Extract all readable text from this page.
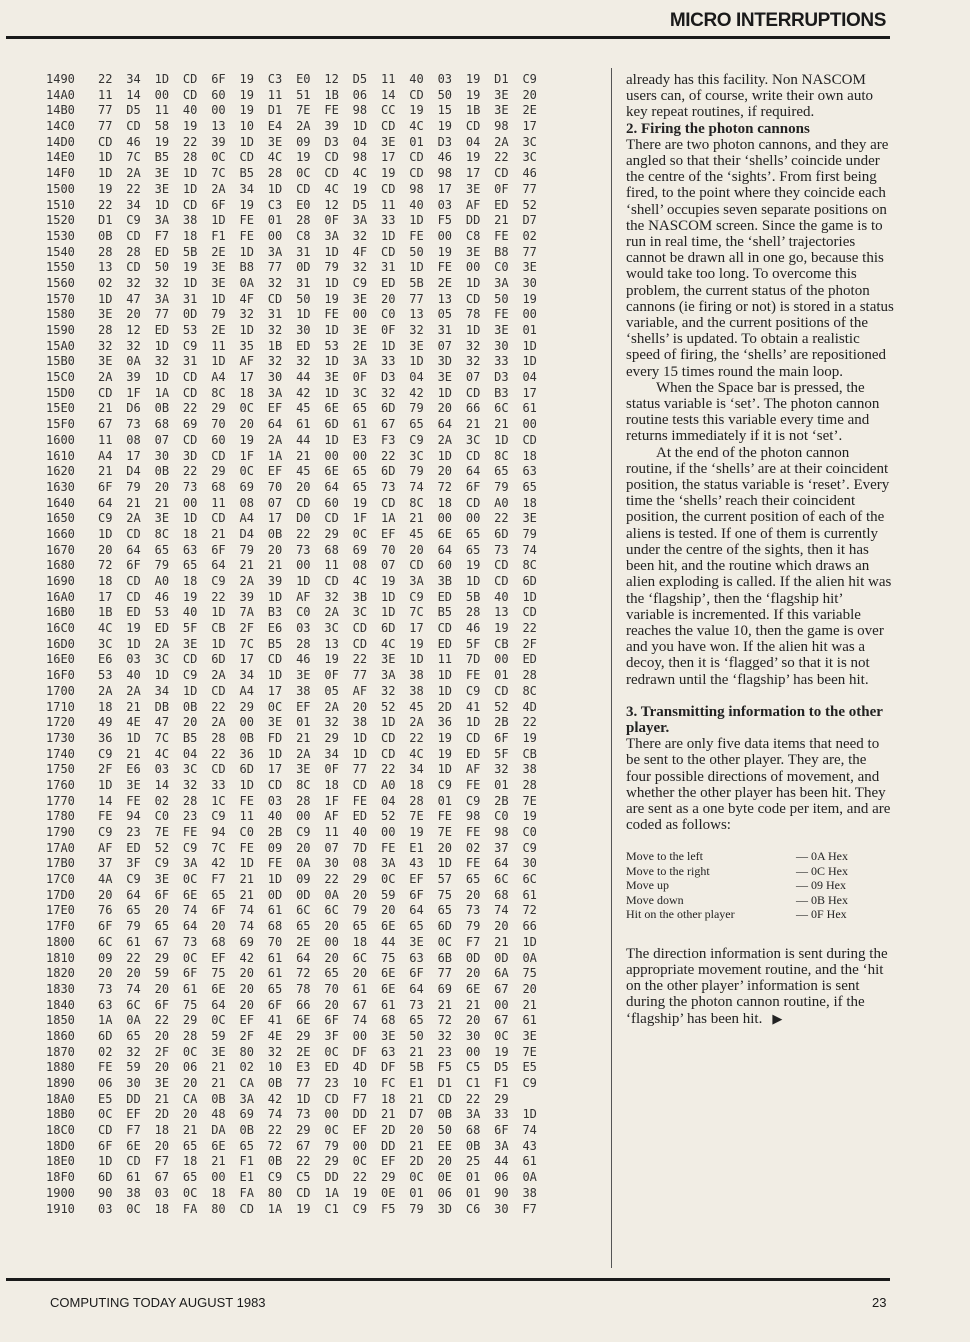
MICRO INTERRUPTIONS
1490	22	34	1D	CD	6F	19	C3	E0	12	D5	11	40	03	19	D1	C9
14A0	11	14	00	CD	60	19	11	51	1B	06	14	CD	50	19	3E	20
14B0	77	D5	11	40	00	19	D1	7E	FE	98	CC	19	15	1B	3E	2E
14C0	77	CD	58	19	13	10	E4	2A	39	1D	CD	4C	19	CD	98	17
14D0	CD	46	19	22	39	1D	3E	09	D3	04	3E	01	D3	04	2A	3C
14E0	1D	7C	B5	28	0C	CD	4C	19	CD	98	17	CD	46	19	22	3C
14F0	1D	2A	3E	1D	7C	B5	28	0C	CD	4C	19	CD	98	17	CD	46
1500	19	22	3E	1D	2A	34	1D	CD	4C	19	CD	98	17	3E	0F	77
1510	22	34	1D	CD	6F	19	C3	E0	12	D5	11	40	03	AF	ED	52
1520	D1	C9	3A	38	1D	FE	01	28	0F	3A	33	1D	F5	DD	21	D7
1530	0B	CD	F7	18	F1	FE	00	C8	3A	32	1D	FE	00	C8	FE	02
1540	28	28	ED	5B	2E	1D	3A	31	1D	4F	CD	50	19	3E	B8	77
1550	13	CD	50	19	3E	B8	77	0D	79	32	31	1D	FE	00	C0	3E
1560	02	32	32	1D	3E	0A	32	31	1D	C9	ED	5B	2E	1D	3A	30
1570	1D	47	3A	31	1D	4F	CD	50	19	3E	20	77	13	CD	50	19
1580	3E	20	77	0D	79	32	31	1D	FE	00	C0	13	05	78	FE	00
1590	28	12	ED	53	2E	1D	32	30	1D	3E	0F	32	31	1D	3E	01
15A0	32	32	1D	C9	11	35	1B	ED	53	2E	1D	3E	07	32	30	1D
15B0	3E	0A	32	31	1D	AF	32	32	1D	3A	33	1D	3D	32	33	1D
15C0	2A	39	1D	CD	A4	17	30	44	3E	0F	D3	04	3E	07	D3	04
15D0	CD	1F	1A	CD	8C	18	3A	42	1D	3C	32	42	1D	CD	B3	17
15E0	21	D6	0B	22	29	0C	EF	45	6E	65	6D	79	20	66	6C	61
15F0	67	73	68	69	70	20	64	61	6D	61	67	65	64	21	21	00
1600	11	08	07	CD	60	19	2A	44	1D	E3	F3	C9	2A	3C	1D	CD
1610	A4	17	30	3D	CD	1F	1A	21	00	00	22	3C	1D	CD	8C	18
1620	21	D4	0B	22	29	0C	EF	45	6E	65	6D	79	20	64	65	63
1630	6F	79	20	73	68	69	70	20	64	65	73	74	72	6F	79	65
1640	64	21	21	00	11	08	07	CD	60	19	CD	8C	18	CD	A0	18
1650	C9	2A	3E	1D	CD	A4	17	D0	CD	1F	1A	21	00	00	22	3E
1660	1D	CD	8C	18	21	D4	0B	22	29	0C	EF	45	6E	65	6D	79
1670	20	64	65	63	6F	79	20	73	68	69	70	20	64	65	73	74
1680	72	6F	79	65	64	21	21	00	11	08	07	CD	60	19	CD	8C
1690	18	CD	A0	18	C9	2A	39	1D	CD	4C	19	3A	3B	1D	CD	6D
16A0	17	CD	46	19	22	39	1D	AF	32	3B	1D	C9	ED	5B	40	1D
16B0	1B	ED	53	40	1D	7A	B3	C0	2A	3C	1D	7C	B5	28	13	CD
16C0	4C	19	ED	5F	CB	2F	E6	03	3C	CD	6D	17	CD	46	19	22
16D0	3C	1D	2A	3E	1D	7C	B5	28	13	CD	4C	19	ED	5F	CB	2F
16E0	E6	03	3C	CD	6D	17	CD	46	19	22	3E	1D	11	7D	00	ED
16F0	53	40	1D	C9	2A	34	1D	3E	0F	77	3A	38	1D	FE	01	28
1700	2A	2A	34	1D	CD	A4	17	38	05	AF	32	38	1D	C9	CD	8C
1710	18	21	DB	0B	22	29	0C	EF	2A	20	52	45	2D	41	52	4D
1720	49	4E	47	20	2A	00	3E	01	32	38	1D	2A	36	1D	2B	22
1730	36	1D	7C	B5	28	0B	FD	21	29	1D	CD	22	19	CD	6F	19
1740	C9	21	4C	04	22	36	1D	2A	34	1D	CD	4C	19	ED	5F	CB
1750	2F	E6	03	3C	CD	6D	17	3E	0F	77	22	34	1D	AF	32	38
1760	1D	3E	14	32	33	1D	CD	8C	18	CD	A0	18	C9	FE	01	28
1770	14	FE	02	28	1C	FE	03	28	1F	FE	04	28	01	C9	2B	7E
1780	FE	94	C0	23	C9	11	40	00	AF	ED	52	7E	FE	98	C0	19
1790	C9	23	7E	FE	94	C0	2B	C9	11	40	00	19	7E	FE	98	C0
17A0	AF	ED	52	C9	7C	FE	09	20	07	7D	FE	E1	20	02	37	C9
17B0	37	3F	C9	3A	42	1D	FE	0A	30	08	3A	43	1D	FE	64	30
17C0	4A	C9	3E	0C	F7	21	1D	09	22	29	0C	EF	57	65	6C	6C
17D0	20	64	6F	6E	65	21	0D	0D	0A	20	59	6F	75	20	68	61
17E0	76	65	20	74	6F	74	61	6C	6C	79	20	64	65	73	74	72
17F0	6F	79	65	64	20	74	68	65	20	65	6E	65	6D	79	20	66
1800	6C	61	67	73	68	69	70	2E	00	18	44	3E	0C	F7	21	1D
1810	09	22	29	0C	EF	42	61	64	20	6C	75	63	6B	0D	0D	0A
1820	20	20	59	6F	75	20	61	72	65	20	6E	6F	77	20	6A	75
1830	73	74	20	61	6E	20	65	78	70	61	6E	64	69	6E	67	20
1840	63	6C	6F	75	64	20	6F	66	20	67	61	73	21	21	00	21
1850	1A	0A	22	29	0C	EF	41	6E	6F	74	68	65	72	20	67	61
1860	6D	65	20	28	59	2F	4E	29	3F	00	3E	50	32	30	0C	3E
1870	02	32	2F	0C	3E	80	32	2E	0C	DF	63	21	23	00	19	7E
1880	FE	59	20	06	21	02	10	E3	ED	4D	DF	5B	F5	C5	D5	E5
1890	06	30	3E	20	21	CA	0B	77	23	10	FC	E1	D1	C1	F1	C9
18A0	E5	DD	21	CA	0B	3A	42	1D	CD	F7	18	21	CD	22	29
18B0	0C	EF	2D	20	48	69	74	73	00	DD	21	D7	0B	3A	33	1D
18C0	CD	F7	18	21	DA	0B	22	29	0C	EF	2D	20	50	68	6F	74
18D0	6F	6E	20	65	6E	65	72	67	79	00	DD	21	EE	0B	3A	43
18E0	1D	CD	F7	18	21	F1	0B	22	29	0C	EF	2D	20	25	44	61
18F0	6D	61	67	65	00	E1	C9	C5	DD	22	29	0C	0E	01	06	0A
1900	90	38	03	0C	18	FA	80	CD	1A	19	0E	01	06	01	90	38
1910	03	0C	18	FA	80	CD	1A	19	C1	C9	F5	79	3D	C6	30	F7

already has this facility. Non NASCOM users can, of course, write their own auto key repeat routines, if required.

2. Firing the photon cannons

There are two photon cannons, and they are angled so that their ‘shells’ coincide under the centre of the ‘sights’. From first being fired, to the point where they coincide each ‘shell’ occupies seven separate positions on the NASCOM screen. Since the game is to run in real time, the ‘shell’ trajectories cannot be drawn all in one go, because this would take too long. To overcome this problem, the current status of the photon cannons (ie firing or not) is stored in a status variable, and the current positions of the ‘shells’ is updated. To obtain a realistic speed of firing, the ‘shells’ are repositioned every 15 times round the main loop.

When the Space bar is pressed, the status variable is ‘set’. The photon cannon routine tests this variable every time and returns immediately if it is not ‘set’.

At the end of the photon cannon routine, if the ‘shells’ are at their coincident position, the status variable is ‘reset’. Every time the ‘shells’ reach their coincident position, the current position of each of the aliens is tested. If one of them is currently under the centre of the sights, then it has been hit, and the routine which draws an alien exploding is called. If the alien hit was the ‘flagship’, then the ‘flagship hit’ variable is incremented. If this variable reaches the value 10, then the game is over and you have won. If the alien hit was a decoy, then it is ‘flagged’ so that it is not redrawn until the ‘flagship’ has been hit.

3. Transmitting information to the other player.

There are only five data items that need to be sent to the other player. They are, the four possible directions of movement, and whether the other player has been hit. They are sent as a one byte code per item, and are coded as follows:

Move to the left	— 0A Hex
Move to the right	— 0C Hex
Move up	— 09 Hex
Move down	— 0B Hex
Hit on the other player	— 0F Hex

The direction information is sent during the appropriate movement routine, and the ‘hit on the other player’ information is sent during the photon cannon routine, if the ‘flagship’ has been hit. ▶

COMPUTING TODAY AUGUST 1983	23
